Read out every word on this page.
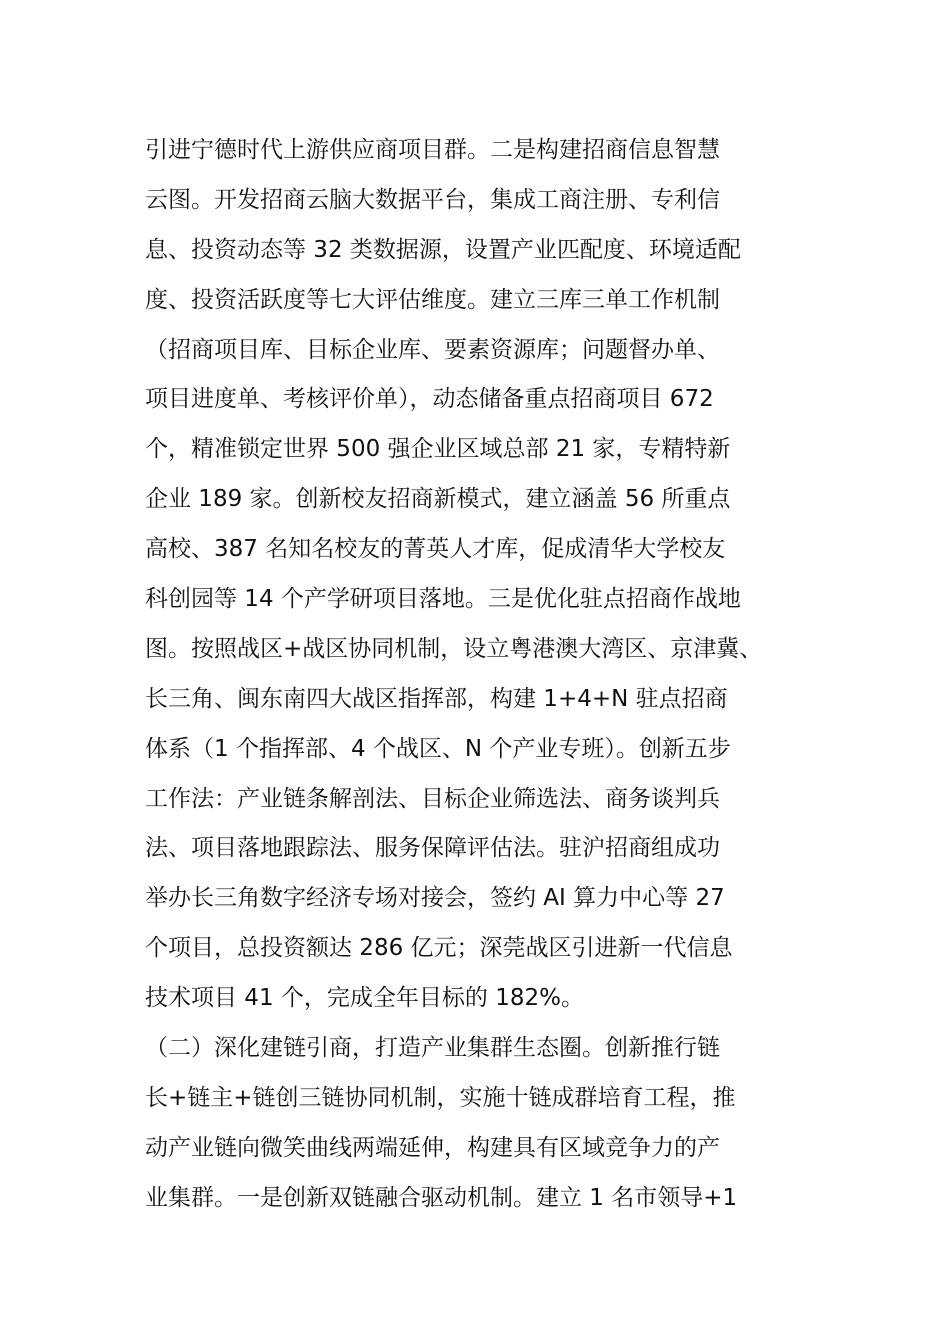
引进宁德时代上游供应商项目群。二是构建招商信息智慧
云图。开发招商云脑大数据平台，集成工商注册、专利信
息、投资动态等 32 类数据源，设置产业匹配度、环境适配
度、投资活跃度等七大评估维度。建立三库三单工作机制
（招商项目库、目标企业库、要素资源库；问题督办单、
项目进度单、考核评价单），动态储备重点招商项目 672
个，精准锁定世界 500 强企业区域总部 21 家，专精特新
企业 189 家。创新校友招商新模式，建立涵盖 56 所重点
高校、387 名知名校友的菁英人才库，促成清华大学校友
科创园等 14 个产学研项目落地。三是优化驻点招商作战地
图。按照战区+战区协同机制，设立粤港澳大湾区、京津冀、
长三角、闽东南四大战区指挥部，构建 1+4+N 驻点招商
体系（1 个指挥部、4 个战区、N 个产业专班）。创新五步
工作法：产业链条解剖法、目标企业筛选法、商务谈判兵
法、项目落地跟踪法、服务保障评估法。驻沪招商组成功
举办长三角数字经济专场对接会，签约 AI 算力中心等 27
个项目，总投资额达 286 亿元；深莞战区引进新一代信息
技术项目 41 个，完成全年目标的 182%。
（二）深化建链引商，打造产业集群生态圈。创新推行链
长+链主+链创三链协同机制，实施十链成群培育工程，推
动产业链向微笑曲线两端延伸，构建具有区域竞争力的产
业集群。一是创新双链融合驱动机制。建立 1 名市领导+1
